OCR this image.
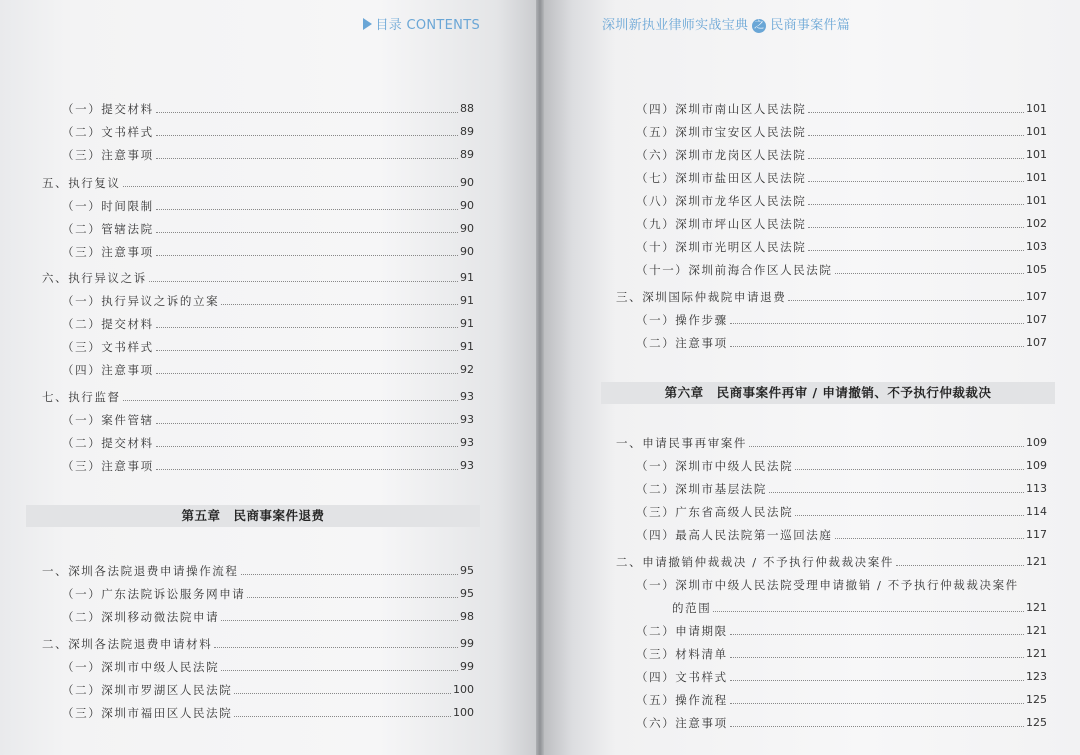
目录 CONTENTS
（一）提交材料	88
（二）文书样式	89
（三）注意事项	89
五、执行复议	90
（一）时间限制	90
（二）管辖法院	90
（三）注意事项	90
六、执行异议之诉	91
（一）执行异议之诉的立案	91
（二）提交材料	91
（三）文书样式	91
（四）注意事项	92
七、执行监督	93
（一）案件管辖	93
（二）提交材料	93
（三）注意事项	93
第五章　民商事案件退费
一、深圳各法院退费申请操作流程	95
（一）广东法院诉讼服务网申请	95
（二）深圳移动微法院申请	98
二、深圳各法院退费申请材料	99
（一）深圳市中级人民法院	99
（二）深圳市罗湖区人民法院	100
（三）深圳市福田区人民法院	100
深圳新执业律师实战宝典 之 民商事案件篇
（四）深圳市南山区人民法院	101
（五）深圳市宝安区人民法院	101
（六）深圳市龙岗区人民法院	101
（七）深圳市盐田区人民法院	101
（八）深圳市龙华区人民法院	101
（九）深圳市坪山区人民法院	102
（十）深圳市光明区人民法院	103
（十一）深圳前海合作区人民法院	105
三、深圳国际仲裁院申请退费	107
（一）操作步骤	107
（二）注意事项	107
第六章　民商事案件再审 / 申请撤销、不予执行仲裁裁决
一、申请民事再审案件	109
（一）深圳市中级人民法院	109
（二）深圳市基层法院	113
（三）广东省高级人民法院	114
（四）最高人民法院第一巡回法庭	117
二、申请撤销仲裁裁决 / 不予执行仲裁裁决案件	121
（一）深圳市中级人民法院受理申请撤销 / 不予执行仲裁裁决案件
的范围	121
（二）申请期限	121
（三）材料清单	121
（四）文书样式	123
（五）操作流程	125
（六）注意事项	125
